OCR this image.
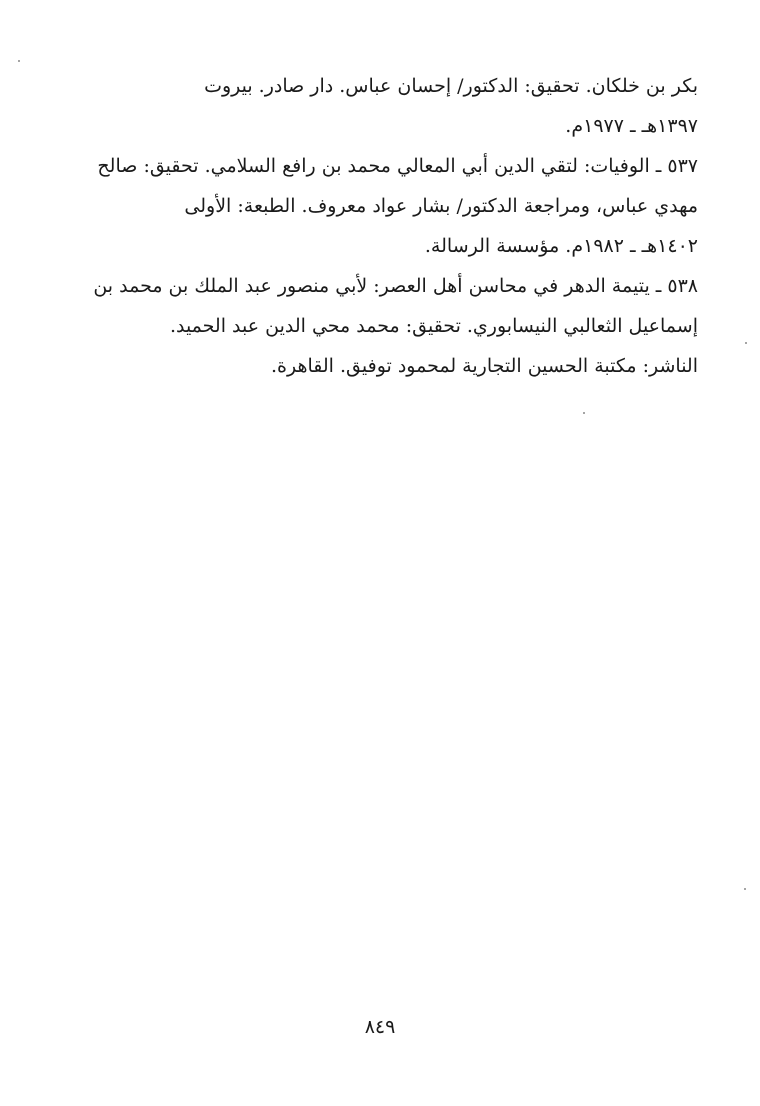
بكر بن خلكان. تحقيق: الدكتور/ إحسان عباس. دار صادر. بيروت
١٣٩٧هـ ـ ١٩٧٧م.
٥٣٧ ـ الوفيات: لتقي الدين أبي المعالي محمد بن رافع السلامي. تحقيق: صالح
مهدي عباس، ومراجعة الدكتور/ بشار عواد معروف. الطبعة: الأولى
١٤٠٢هـ ـ ١٩٨٢م. مؤسسة الرسالة.
٥٣٨ ـ يتيمة الدهر في محاسن أهل العصر: لأبي منصور عبد الملك بن محمد بن
إسماعيل الثعالبي النيسابوري. تحقيق: محمد محي الدين عبد الحميد.
الناشر: مكتبة الحسين التجارية لمحمود توفيق. القاهرة.
٨٤٩
